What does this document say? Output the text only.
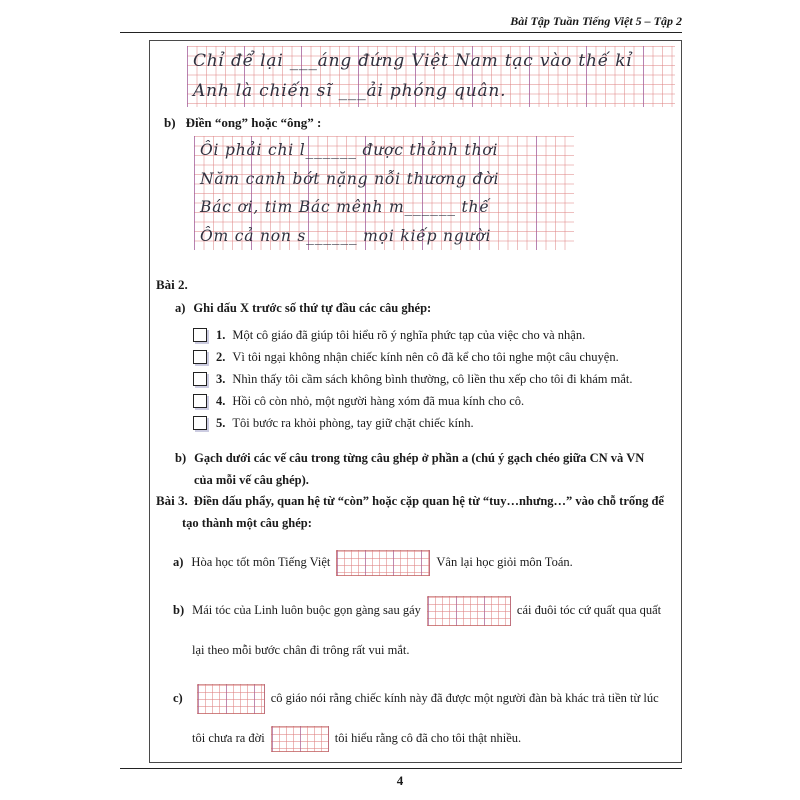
Bài Tập Tuần Tiếng Việt 5 – Tập 2
Chỉ để lại ___áng đứng Việt Nam tạc vào thế kỉ
Anh là chiến sĩ ___ải phóng quân.
b) Điền “ong” hoặc “ông” :
Ôi phải chi l______ được thảnh thơi
Năm canh bớt nặng nỗi thương đời
Bác ơi, tim Bác mênh m______ thế
Ôm cả non s______ mọi kiếp người
Bài 2.
a) Ghi dấu X trước số thứ tự đầu các câu ghép:
1. Một cô giáo đã giúp tôi hiểu rõ ý nghĩa phức tạp của việc cho và nhận.
2. Vì tôi ngại không nhận chiếc kính nên cô đã kể cho tôi nghe một câu chuyện.
3. Nhìn thấy tôi cầm sách không bình thường, cô liền thu xếp cho tôi đi khám mắt.
4. Hồi cô còn nhỏ, một người hàng xóm đã mua kính cho cô.
5. Tôi bước ra khỏi phòng, tay giữ chặt chiếc kính.
b) Gạch dưới các vế câu trong từng câu ghép ở phần a (chú ý gạch chéo giữa CN và VN của mỗi vế câu ghép).
Bài 3. Điền dấu phẩy, quan hệ từ “còn” hoặc cặp quan hệ từ “tuy…nhưng…” vào chỗ trống để tạo thành một câu ghép:
a) Hòa học tốt môn Tiếng Việt	Vân lại học giỏi môn Toán.
b) Mái tóc của Linh luôn buộc gọn gàng sau gáy	cái đuôi tóc cứ quất qua quất lại theo mỗi bước chân đi trông rất vui mắt.
c)	cô giáo nói rằng chiếc kính này đã được một người đàn bà khác trả tiền từ lúc tôi chưa ra đời	tôi hiểu rằng cô đã cho tôi thật nhiều.
4
